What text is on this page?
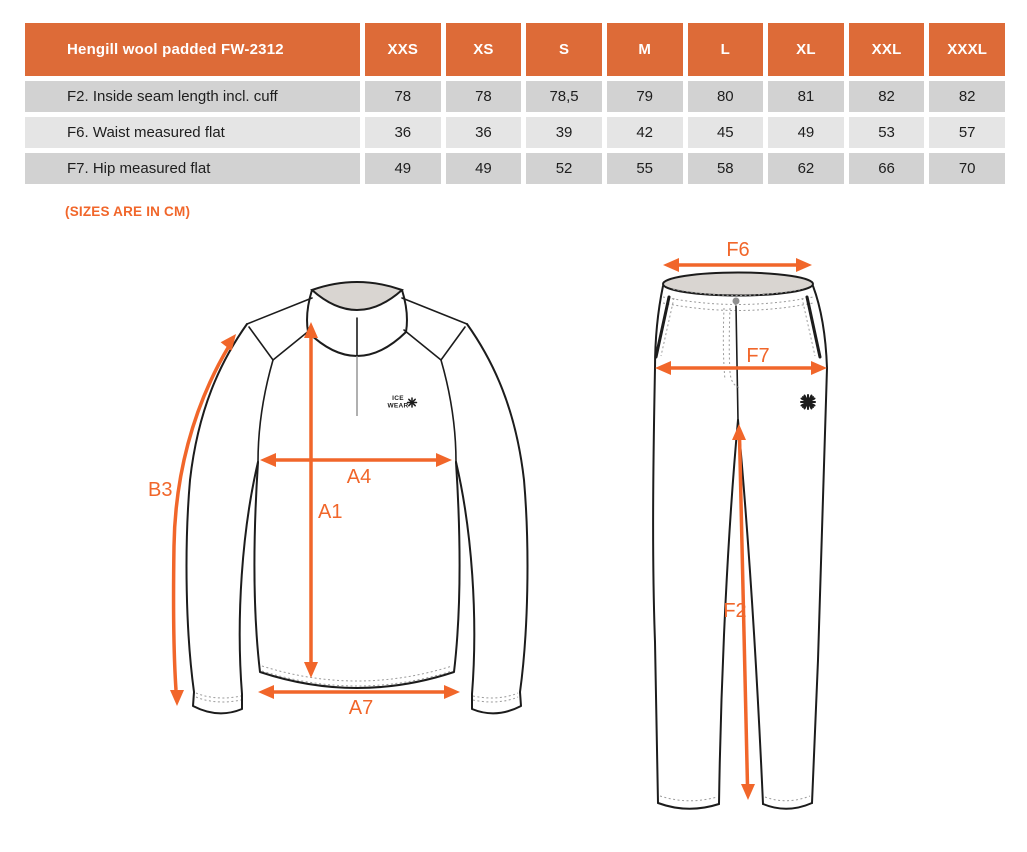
Hengill wool padded FW-2312	XXS	XS	S	M	L	XL	XXL	XXXL
F2. Inside seam length incl. cuff	78	78	78,5	79	80	81	82	82
F6. Waist measured flat	36	36	39	42	45	49	53	57
F7. Hip measured flat	49	49	52	55	58	62	66	70
(SIZES ARE IN CM)
ICE
WEAR
B3
A4
A1
A7
F6
F7
F2
